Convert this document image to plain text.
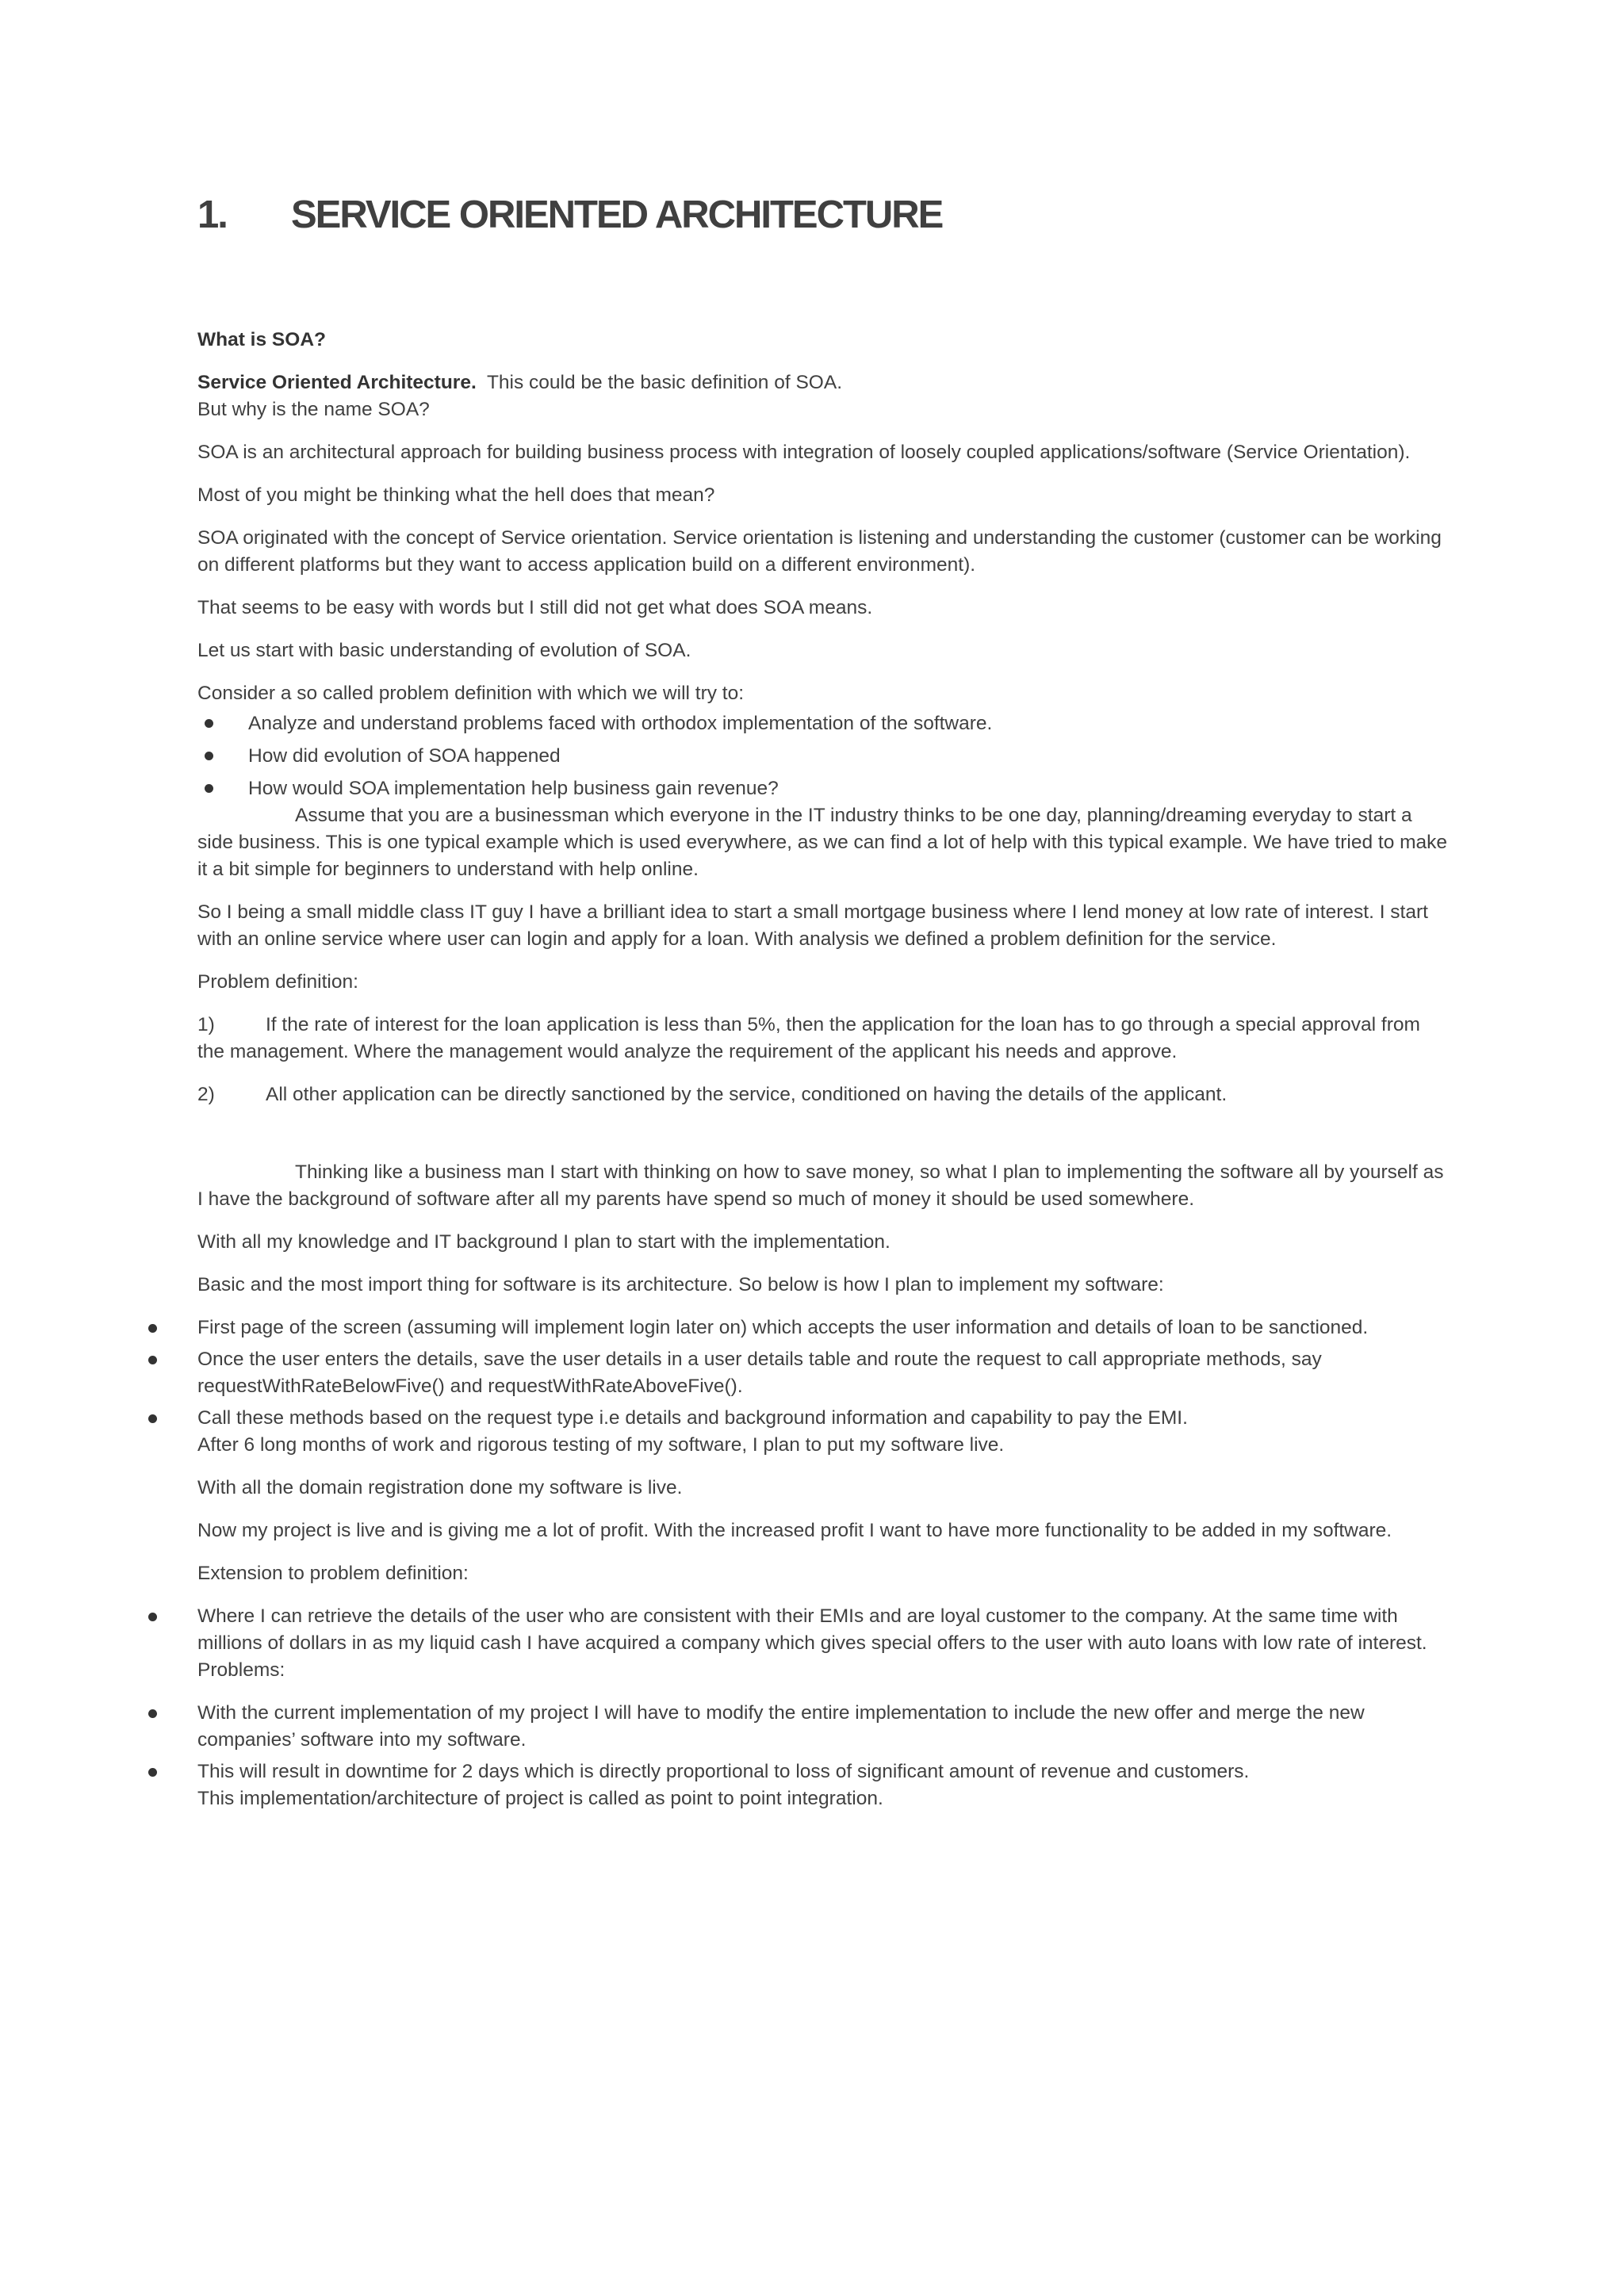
1. SERVICE ORIENTED ARCHITECTURE

What is SOA?

Service Oriented Architecture. This could be the basic definition of SOA.

But why is the name SOA?

SOA is an architectural approach for building business process with integration of loosely coupled applications/software (Service Orientation).

Most of you might be thinking what the hell does that mean?

SOA originated with the concept of Service orientation. Service orientation is listening and understanding the customer (customer can be working on different platforms but they want to access application build on a different environment).

That seems to be easy with words but I still did not get what does SOA means.

Let us start with basic understanding of evolution of SOA.

Consider a so called problem definition with which we will try to:

Analyze and understand problems faced with orthodox implementation of the software.
How did evolution of SOA happened
How would SOA implementation help business gain revenue?

Assume that you are a businessman which everyone in the IT industry thinks to be one day, planning/dreaming everyday to start a side business. This is one typical example which is used everywhere, as we can find a lot of help with this typical example. We have tried to make it a bit simple for beginners to understand with help online.

So I being a small middle class IT guy I have a brilliant idea to start a small mortgage business where I lend money at low rate of interest. I start with an online service where user can login and apply for a loan. With analysis we defined a problem definition for the service.

Problem definition:

1)	If the rate of interest for the loan application is less than 5%, then the application for the loan has to go through a special approval from the management. Where the management would analyze the requirement of the applicant his needs and approve.

2)	All other application can be directly sanctioned by the service, conditioned on having the details of the applicant.

Thinking like a business man I start with thinking on how to save money, so what I plan to implementing the software all by yourself as I have the background of software after all my parents have spend so much of money it should be used somewhere.

With all my knowledge and IT background I plan to start with the implementation.

Basic and the most import thing for software is its architecture. So below is how I plan to implement my software:

First page of the screen (assuming will implement login later on) which accepts the user information and details of loan to be sanctioned.
Once the user enters the details, save the user details in a user details table and route the request to call appropriate methods, say requestWithRateBelowFive() and requestWithRateAboveFive().
Call these methods based on the request type i.e details and background information and capability to pay the EMI.

After 6 long months of work and rigorous testing of my software, I plan to put my software live.

With all the domain registration done my software is live.

Now my project is live and is giving me a lot of profit. With the increased profit I want to have more functionality to be added in my software.

Extension to problem definition:

Where I can retrieve the details of the user who are consistent with their EMIs and are loyal customer to the company. At the same time with millions of dollars in as my liquid cash I have acquired a company which gives special offers to the user with auto loans with low rate of interest.

Problems:

With the current implementation of my project I will have to modify the entire implementation to include the new offer and merge the new companies’ software into my software.
This will result in downtime for 2 days which is directly proportional to loss of significant amount of revenue and customers.

This implementation/architecture of project is called as point to point integration.
